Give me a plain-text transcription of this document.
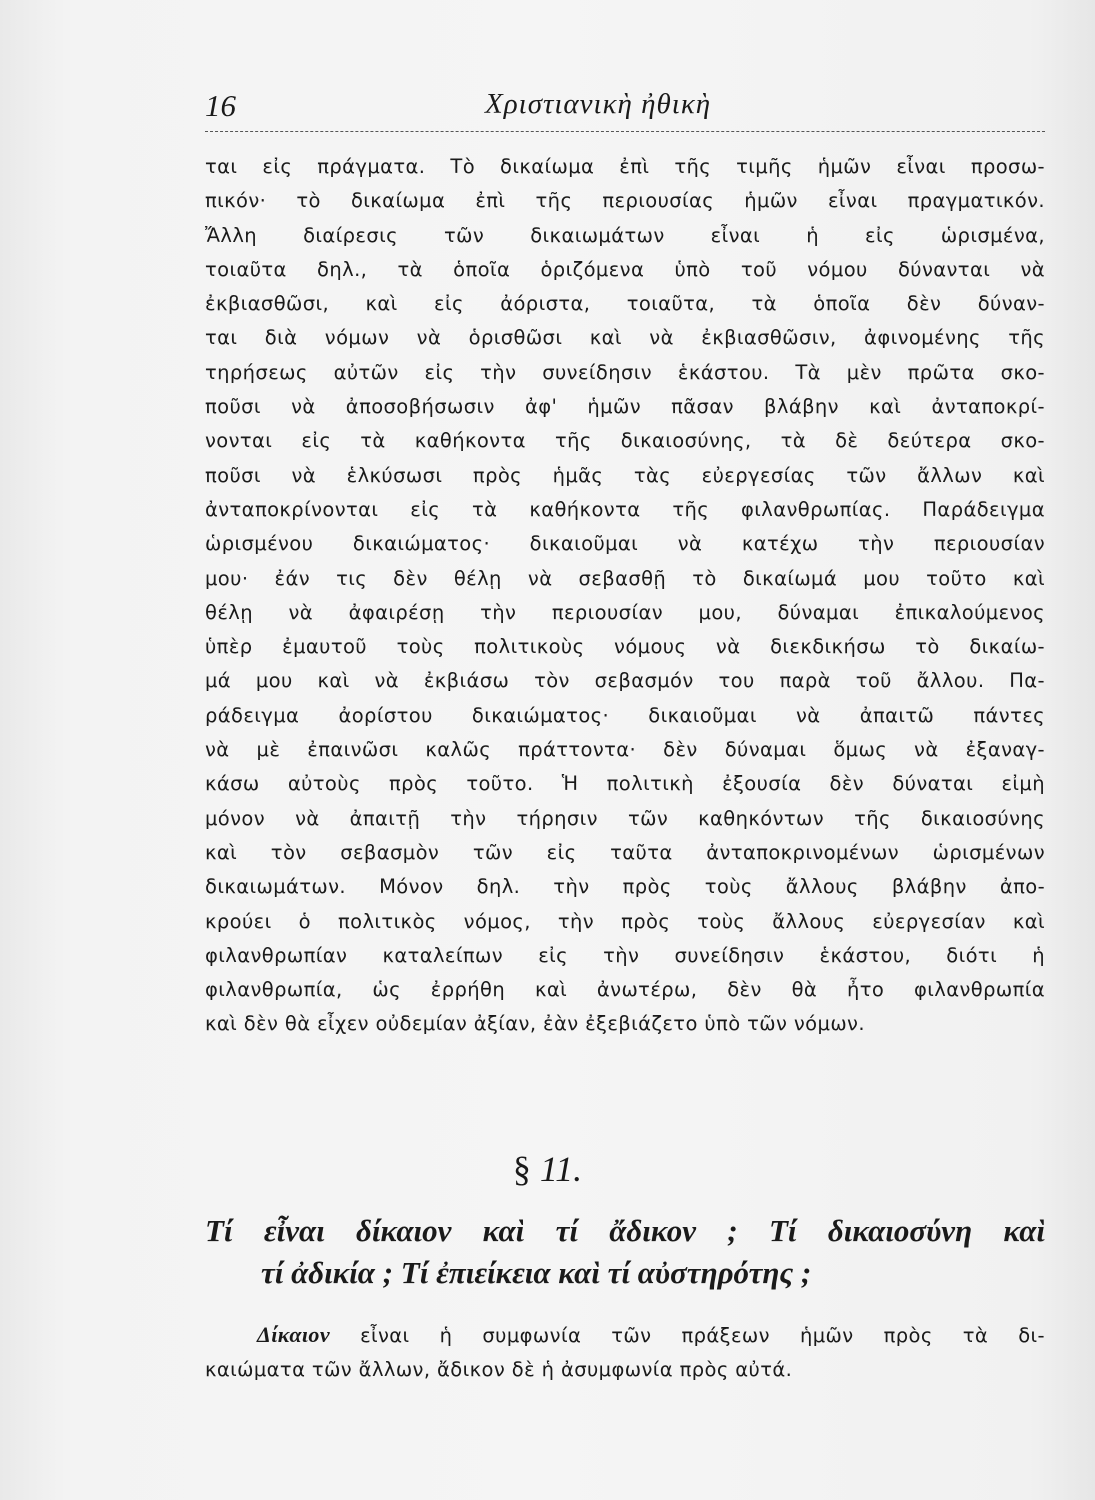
16	Χριστιανικὴ ἠθικὴ
ται εἰς πράγματα. Τὸ δικαίωμα ἐπὶ τῆς τιμῆς ἡμῶν εἶναι προσω-
πικόν· τὸ δικαίωμα ἐπὶ τῆς περιουσίας ἡμῶν εἶναι πραγματικόν.
Ἄλλη διαίρεσις τῶν δικαιωμάτων εἶναι ἡ εἰς ὡρισμένα,
τοιαῦτα δηλ., τὰ ὁποῖα ὁριζόμενα ὑπὸ τοῦ νόμου δύνανται νὰ
ἐκβιασθῶσι, καὶ εἰς ἀόριστα, τοιαῦτα, τὰ ὁποῖα δὲν δύναν-
ται διὰ νόμων νὰ ὁρισθῶσι καὶ νὰ ἐκβιασθῶσιν, ἀφινομένης τῆς
τηρήσεως αὐτῶν εἰς τὴν συνείδησιν ἑκάστου. Τὰ μὲν πρῶτα σκο-
ποῦσι νὰ ἀποσοβήσωσιν ἀφ' ἡμῶν πᾶσαν βλάβην καὶ ἀνταποκρί-
νονται εἰς τὰ καθήκοντα τῆς δικαιοσύνης, τὰ δὲ δεύτερα σκο-
ποῦσι νὰ ἑλκύσωσι πρὸς ἡμᾶς τὰς εὐεργεσίας τῶν ἄλλων καὶ
ἀνταποκρίνονται εἰς τὰ καθήκοντα τῆς φιλανθρωπίας. Παράδειγμα
ὡρισμένου δικαιώματος· δικαιοῦμαι νὰ κατέχω τὴν περιουσίαν
μου· ἐάν τις δὲν θέλῃ νὰ σεβασθῇ τὸ δικαίωμά μου τοῦτο καὶ
θέλῃ νὰ ἀφαιρέσῃ τὴν περιουσίαν μου, δύναμαι ἐπικαλούμενος
ὑπὲρ ἐμαυτοῦ τοὺς πολιτικοὺς νόμους νὰ διεκδικήσω τὸ δικαίω-
μά μου καὶ νὰ ἐκβιάσω τὸν σεβασμόν του παρὰ τοῦ ἄλλου. Πα-
ράδειγμα ἀορίστου δικαιώματος· δικαιοῦμαι νὰ ἀπαιτῶ πάντες
νὰ μὲ ἐπαινῶσι καλῶς πράττοντα· δὲν δύναμαι ὅμως νὰ ἐξαναγ-
κάσω αὐτοὺς πρὸς τοῦτο. Ἡ πολιτικὴ ἐξουσία δὲν δύναται εἰμὴ
μόνον νὰ ἀπαιτῇ τὴν τήρησιν τῶν καθηκόντων τῆς δικαιοσύνης
καὶ τὸν σεβασμὸν τῶν εἰς ταῦτα ἀνταποκρινομένων ὡρισμένων
δικαιωμάτων. Μόνον δηλ. τὴν πρὸς τοὺς ἄλλους βλάβην ἀπο-
κρούει ὁ πολιτικὸς νόμος, τὴν πρὸς τοὺς ἄλλους εὐεργεσίαν καὶ
φιλανθρωπίαν καταλείπων εἰς τὴν συνείδησιν ἑκάστου, διότι ἡ
φιλανθρωπία, ὡς ἐρρήθη καὶ ἀνωτέρω, δὲν θὰ ἦτο φιλανθρωπία
καὶ δὲν θὰ εἶχεν οὐδεμίαν ἀξίαν, ἐὰν ἐξεβιάζετο ὑπὸ τῶν νόμων.
§ 11.
Τί εἶναι δίκαιον καὶ τί ἄδικον ; Τί δικαιοσύνη καὶ
τί ἀδικία ; Τί ἐπιείκεια καὶ τί αὐστηρότης ;
Δίκαιον εἶναι ἡ συμφωνία τῶν πράξεων ἡμῶν πρὸς τὰ δι-
καιώματα τῶν ἄλλων, ἄδικον δὲ ἡ ἀσυμφωνία πρὸς αὐτά.
